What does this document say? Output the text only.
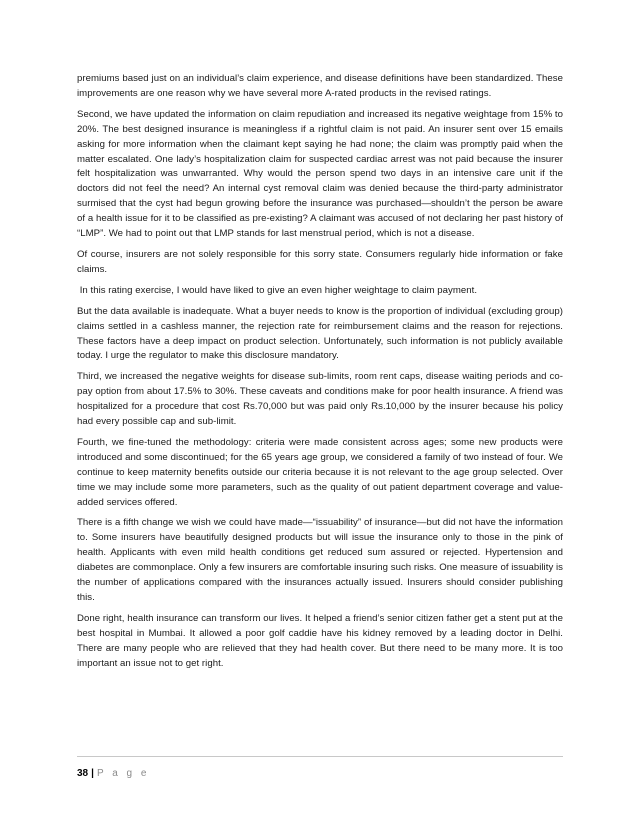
premiums based just on an individual’s claim experience, and disease definitions have been standardized. These improvements are one reason why we have several more A-rated products in the revised ratings.

Second, we have updated the information on claim repudiation and increased its negative weightage from 15% to 20%. The best designed insurance is meaningless if a rightful claim is not paid. An insurer sent over 15 emails asking for more information when the claimant kept saying he had none; the claim was promptly paid when the matter escalated. One lady’s hospitalization claim for suspected cardiac arrest was not paid because the insurer felt hospitalization was unwarranted. Why would the person spend two days in an intensive care unit if the doctors did not feel the need? An internal cyst removal claim was denied because the third-party administrator surmised that the cyst had begun growing before the insurance was purchased—shouldn’t the person be aware of a health issue for it to be classified as pre-existing? A claimant was accused of not declaring her past history of “LMP”. We had to point out that LMP stands for last menstrual period, which is not a disease.

Of course, insurers are not solely responsible for this sorry state. Consumers regularly hide information or fake claims.

In this rating exercise, I would have liked to give an even higher weightage to claim payment.

But the data available is inadequate. What a buyer needs to know is the proportion of individual (excluding group) claims settled in a cashless manner, the rejection rate for reimbursement claims and the reason for rejections. These factors have a deep impact on product selection. Unfortunately, such information is not publicly available today. I urge the regulator to make this disclosure mandatory.

Third, we increased the negative weights for disease sub-limits, room rent caps, disease waiting periods and co-pay option from about 17.5% to 30%. These caveats and conditions make for poor health insurance. A friend was hospitalized for a procedure that cost Rs.70,000 but was paid only Rs.10,000 by the insurer because his policy had every possible cap and sub-limit.

Fourth, we fine-tuned the methodology: criteria were made consistent across ages; some new products were introduced and some discontinued; for the 65 years age group, we considered a family of two instead of four. We continue to keep maternity benefits outside our criteria because it is not relevant to the age group selected. Over time we may include some more parameters, such as the quality of out patient department coverage and value-added services offered.

There is a fifth change we wish we could have made—“issuability” of insurance—but did not have the information to. Some insurers have beautifully designed products but will issue the insurance only to those in the pink of health. Applicants with even mild health conditions get reduced sum assured or rejected. Hypertension and diabetes are commonplace. Only a few insurers are comfortable insuring such risks. One measure of issuability is the number of applications compared with the insurances actually issued. Insurers should consider publishing this.

Done right, health insurance can transform our lives. It helped a friend’s senior citizen father get a stent put at the best hospital in Mumbai. It allowed a poor golf caddie have his kidney removed by a leading doctor in Delhi. There are many people who are relieved that they had health cover. But there need to be many more. It is too important an issue not to get right.

38 | P a g e
